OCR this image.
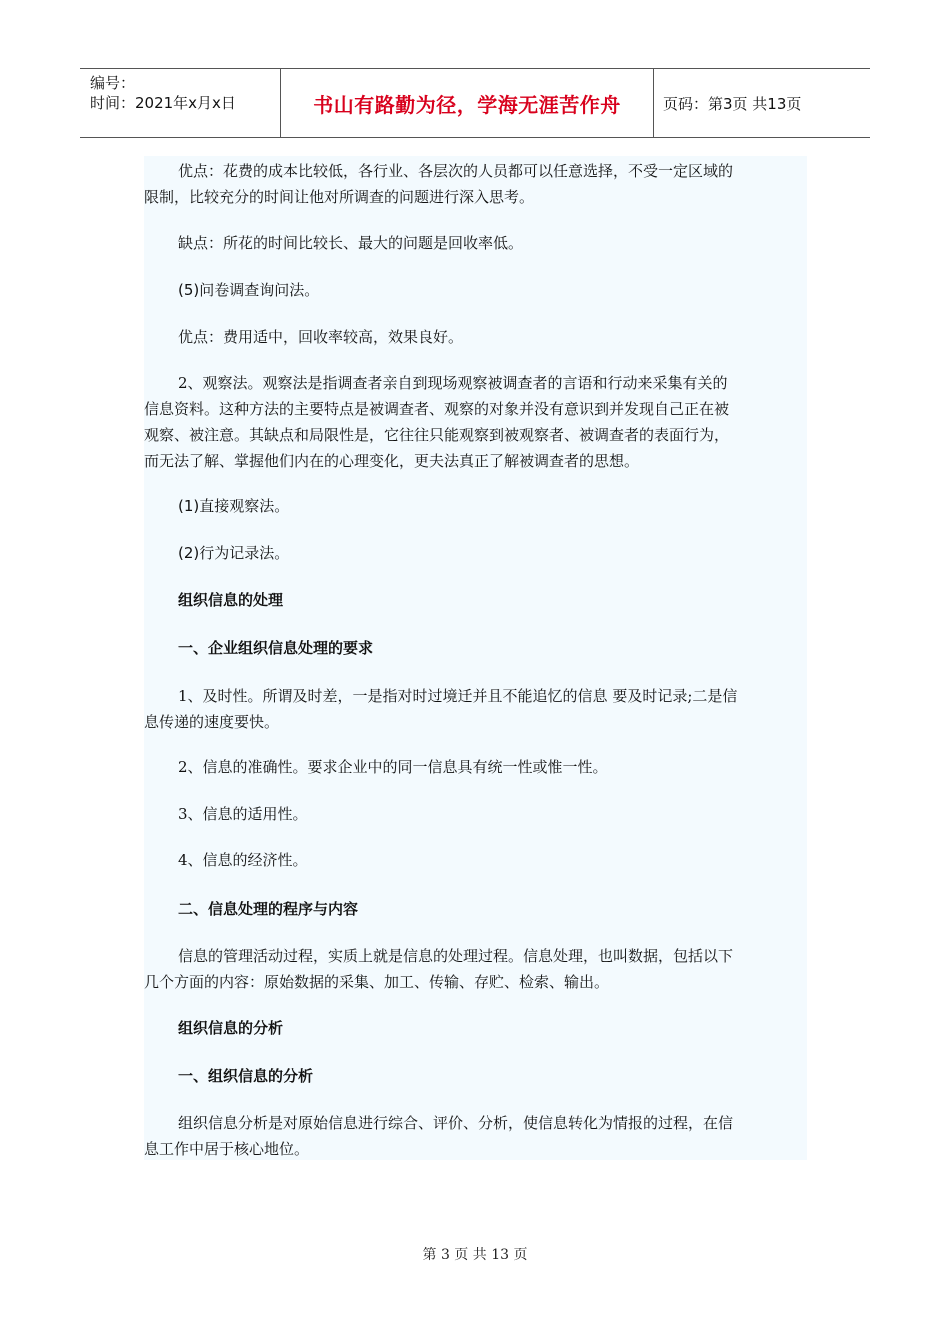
编号：
时间：2021年x月x日	书山有路勤为径，学海无涯苦作舟	页码：第3页 共13页
优点：花费的成本比较低，各行业、各层次的人员都可以任意选择，不受一定区域的
限制，比较充分的时间让他对所调查的问题进行深入思考。
缺点：所花的时间比较长、最大的问题是回收率低。
(5)问卷调查询问法。
优点：费用适中，回收率较高，效果良好。
2、观察法。观察法是指调查者亲自到现场观察被调查者的言语和行动来采集有关的
信息资料。这种方法的主要特点是被调查者、观察的对象并没有意识到并发现自己正在被
观察、被注意。其缺点和局限性是，它往往只能观察到被观察者、被调查者的表面行为，
而无法了解、掌握他们内在的心理变化，更夫法真正了解被调查者的思想。
(1)直接观察法。
(2)行为记录法。
组织信息的处理
一、企业组织信息处理的要求
1、及时性。所谓及时差，一是指对时过境迁并且不能追忆的信息 要及时记录;二是信
息传递的速度要快。
2、信息的准确性。要求企业中的同一信息具有统一性或惟一性。
3、信息的适用性。
4、信息的经济性。
二、信息处理的程序与内容
信息的管理活动过程，实质上就是信息的处理过程。信息处理，也叫数据，包括以下
几个方面的内容：原始数据的采集、加工、传输、存贮、检索、输出。
组织信息的分析
一、组织信息的分析
组织信息分析是对原始信息进行综合、评价、分析，使信息转化为情报的过程，在信
息工作中居于核心地位。
第 3 页 共 13 页
